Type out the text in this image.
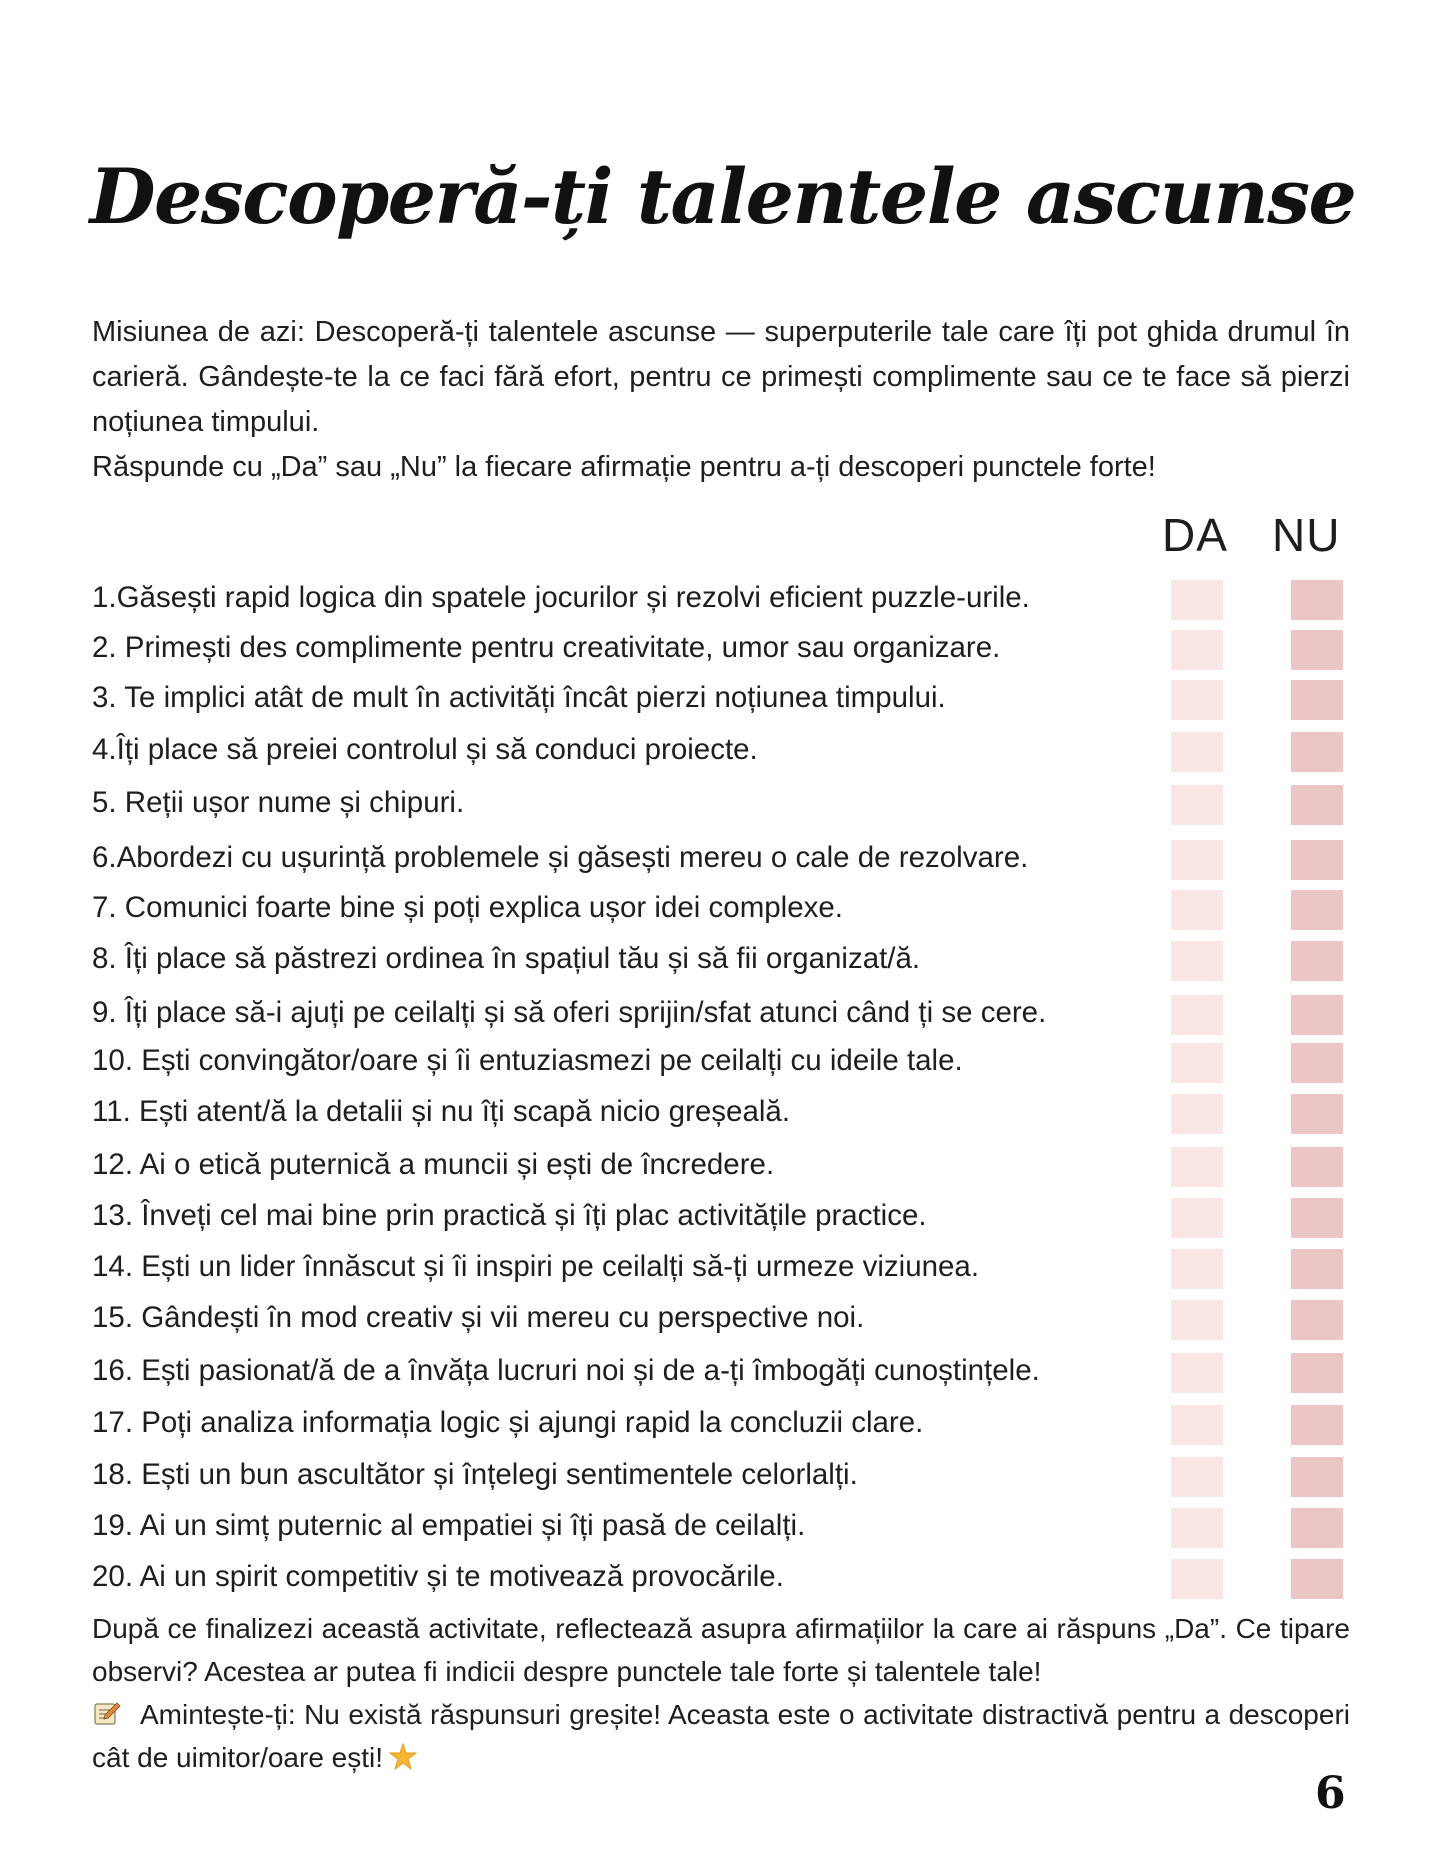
Descoperă-ți talentele ascunse

Misiunea de azi: Descoperă-ți talentele ascunse — superputerile tale care îți pot ghida drumul în carieră. Gândește-te la ce faci fără efort, pentru ce primești complimente sau ce te face să pierzi noțiunea timpului.

Răspunde cu „Da” sau „Nu” la fiecare afirmație pentru a-ți descoperi punctele forte!

DA NU
1.Găsești rapid logica din spatele jocurilor și rezolvi eficient puzzle-urile.
2. Primești des complimente pentru creativitate, umor sau organizare.
3. Te implici atât de mult în activități încât pierzi noțiunea timpului.
4.Îți place să preiei controlul și să conduci proiecte.
5. Reții ușor nume și chipuri.
6.Abordezi cu ușurință problemele și găsești mereu o cale de rezolvare.
7. Comunici foarte bine și poți explica ușor idei complexe.
8. Îți place să păstrezi ordinea în spațiul tău și să fii organizat/ă.
9. Îți place să-i ajuți pe ceilalți și să oferi sprijin/sfat atunci când ți se cere.
10. Ești convingător/oare și îi entuziasmezi pe ceilalți cu ideile tale.
11. Ești atent/ă la detalii și nu îți scapă nicio greșeală.
12. Ai o etică puternică a muncii și ești de încredere.
13. Înveți cel mai bine prin practică și îți plac activitățile practice.
14. Ești un lider înnăscut și îi inspiri pe ceilalți să-ți urmeze viziunea.
15. Gândești în mod creativ și vii mereu cu perspective noi.
16. Ești pasionat/ă de a învăța lucruri noi și de a-ți îmbogăți cunoștințele.
17. Poți analiza informația logic și ajungi rapid la concluzii clare.
18. Ești un bun ascultător și înțelegi sentimentele celorlalți.
19. Ai un simț puternic al empatiei și îți pasă de ceilalți.
20. Ai un spirit competitiv și te motivează provocările.

După ce finalizezi această activitate, reflectează asupra afirmațiilor la care ai răspuns „Da”. Ce tipare observi? Acestea ar putea fi indicii despre punctele tale forte și talentele tale!

Amintește-ți: Nu există răspunsuri greșite! Aceasta este o activitate distractivă pentru a descoperi cât de uimitor/oare ești!

6
